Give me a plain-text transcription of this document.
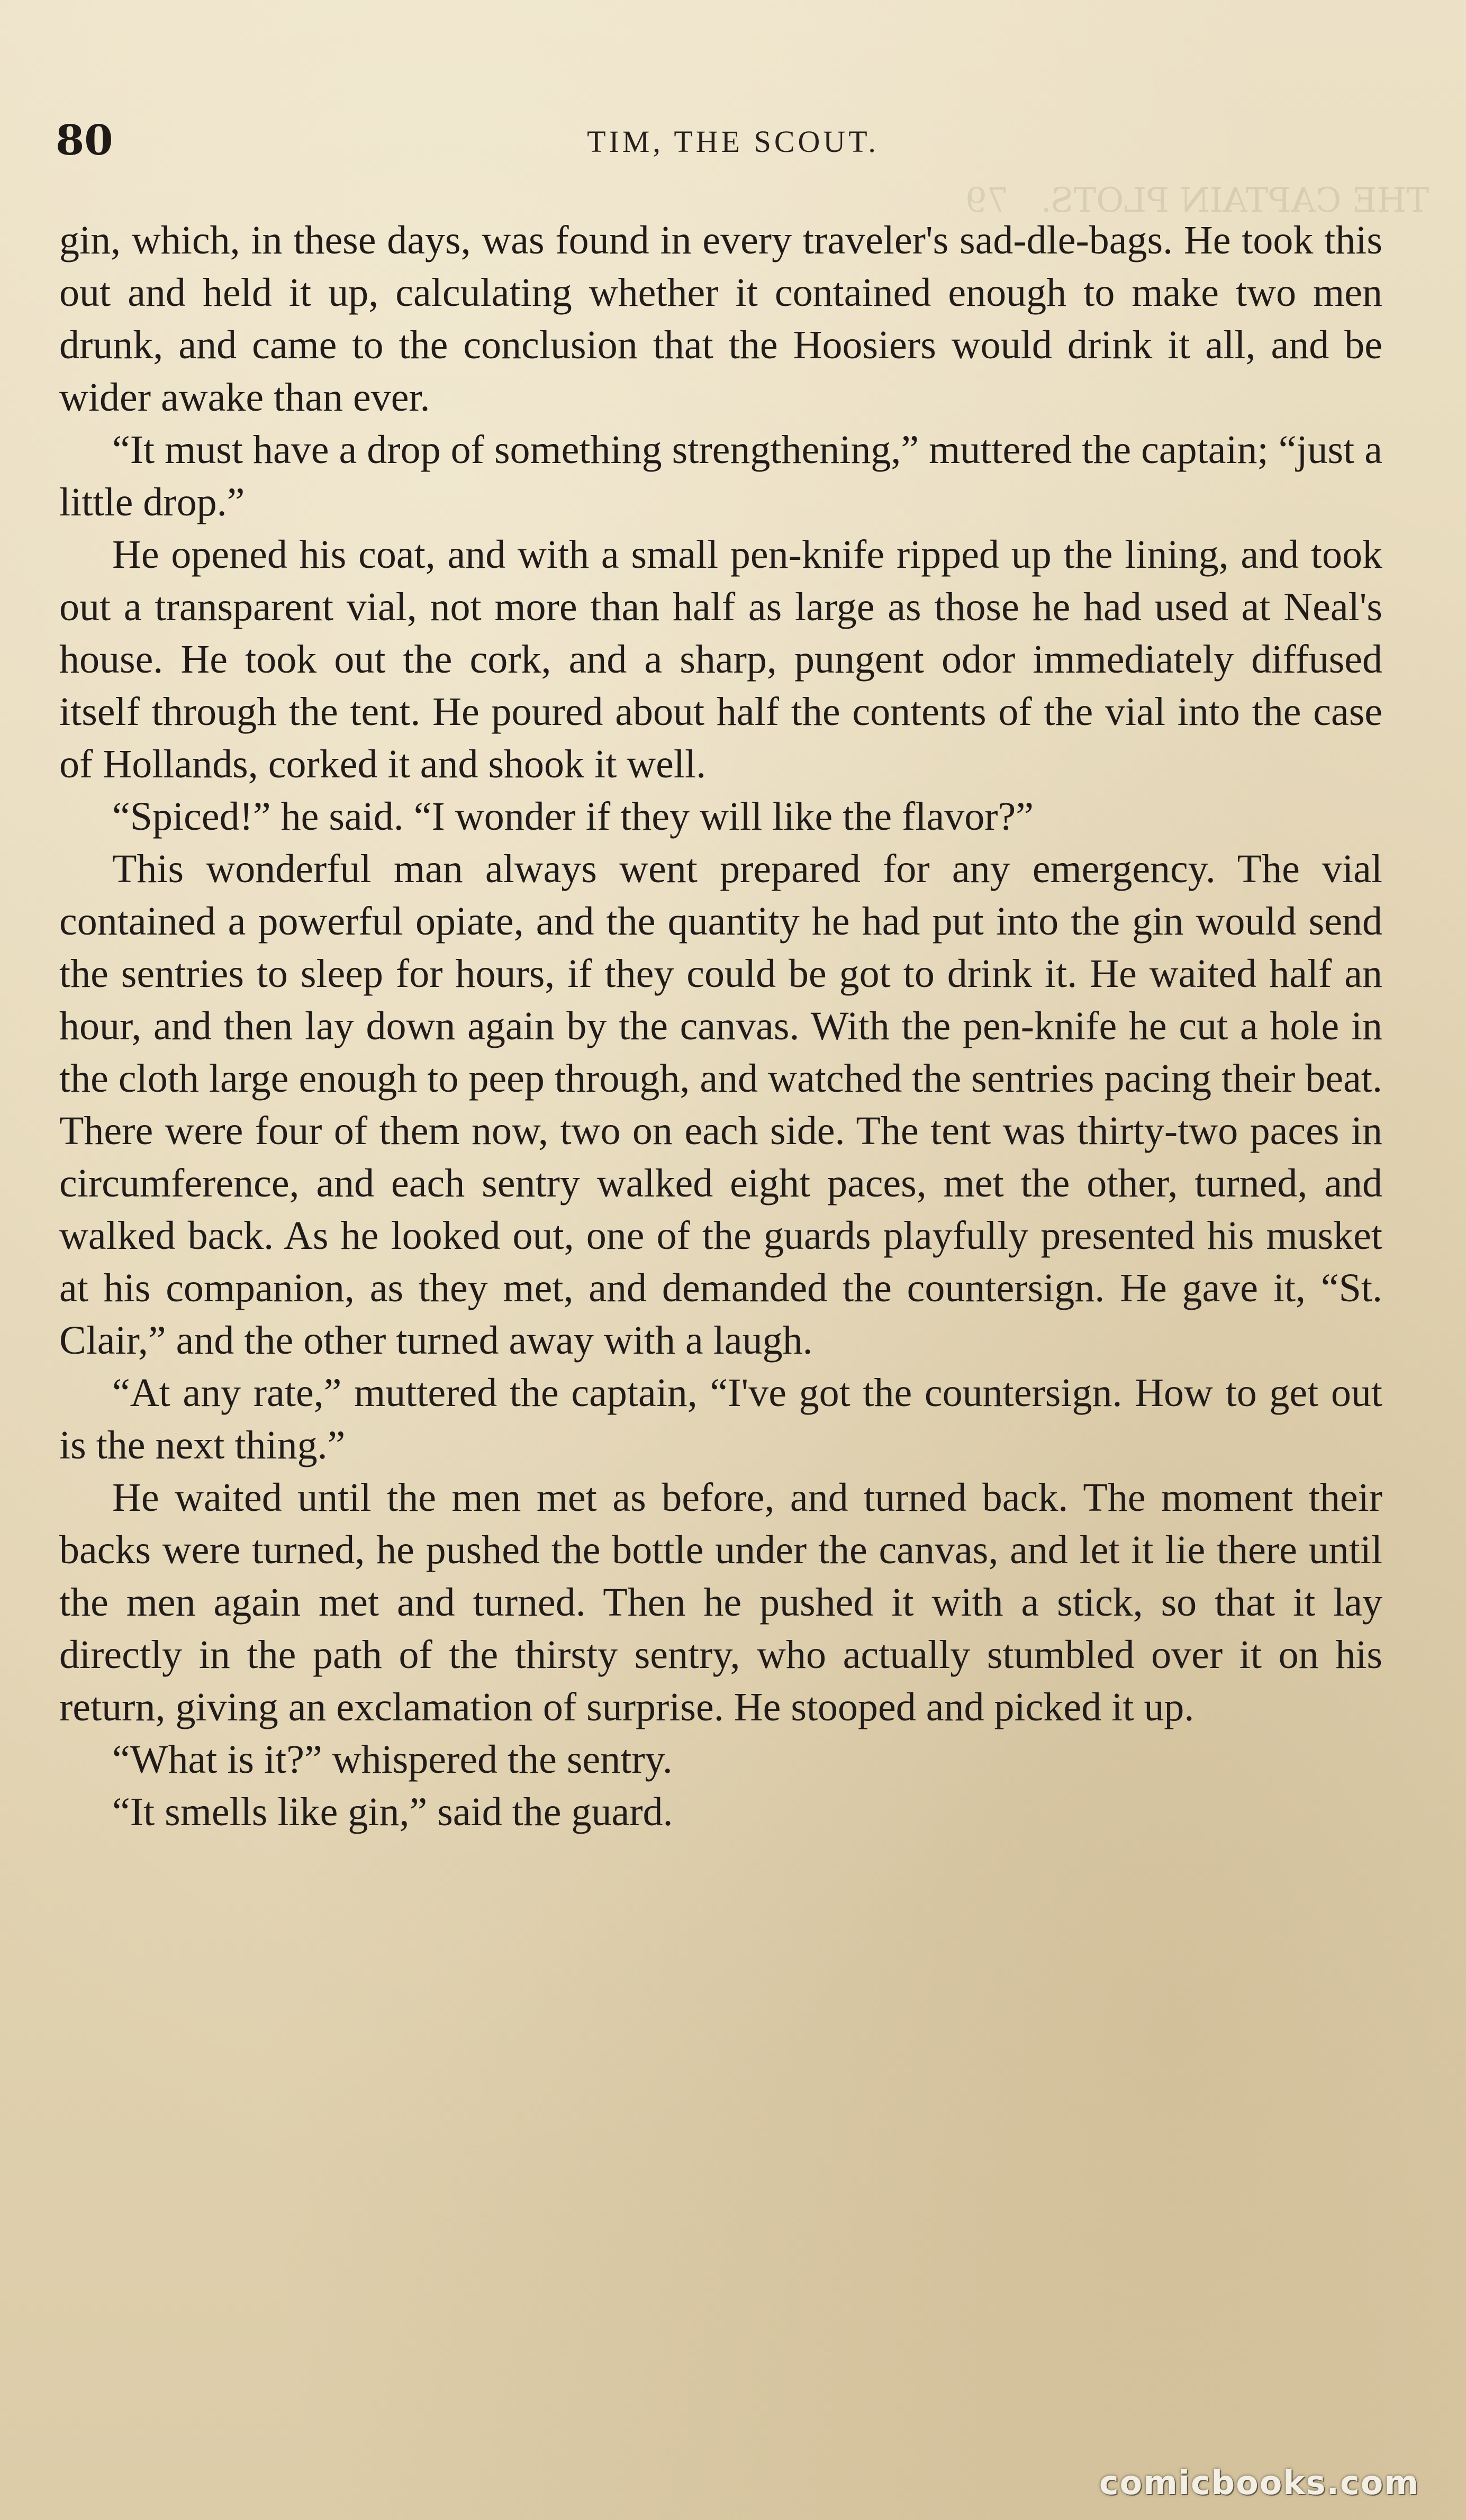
THE CAPTAIN PLOTS.   79
80	TIM, THE SCOUT.

gin, which, in these days, was found in every traveler's sad-dle-bags. He took this out and held it up, calculating whether it contained enough to make two men drunk, and came to the conclusion that the Hoosiers would drink it all, and be wider awake than ever.

“It must have a drop of something strengthening,” muttered the captain; “just a little drop.”

He opened his coat, and with a small pen-knife ripped up the lining, and took out a transparent vial, not more than half as large as those he had used at Neal's house. He took out the cork, and a sharp, pungent odor immediately diffused itself through the tent. He poured about half the contents of the vial into the case of Hollands, corked it and shook it well.

“Spiced!” he said. “I wonder if they will like the flavor?”

This wonderful man always went prepared for any emergency. The vial contained a powerful opiate, and the quantity he had put into the gin would send the sentries to sleep for hours, if they could be got to drink it. He waited half an hour, and then lay down again by the canvas. With the pen-knife he cut a hole in the cloth large enough to peep through, and watched the sentries pacing their beat. There were four of them now, two on each side. The tent was thirty-two paces in circumference, and each sentry walked eight paces, met the other, turned, and walked back. As he looked out, one of the guards playfully presented his musket at his companion, as they met, and demanded the countersign. He gave it, “St. Clair,” and the other turned away with a laugh.

“At any rate,” muttered the captain, “I've got the countersign. How to get out is the next thing.”

He waited until the men met as before, and turned back. The moment their backs were turned, he pushed the bottle under the canvas, and let it lie there until the men again met and turned. Then he pushed it with a stick, so that it lay directly in the path of the thirsty sentry, who actually stumbled over it on his return, giving an exclamation of surprise. He stooped and picked it up.

“What is it?” whispered the sentry.

“It smells like gin,” said the guard.

comicbooks.com
